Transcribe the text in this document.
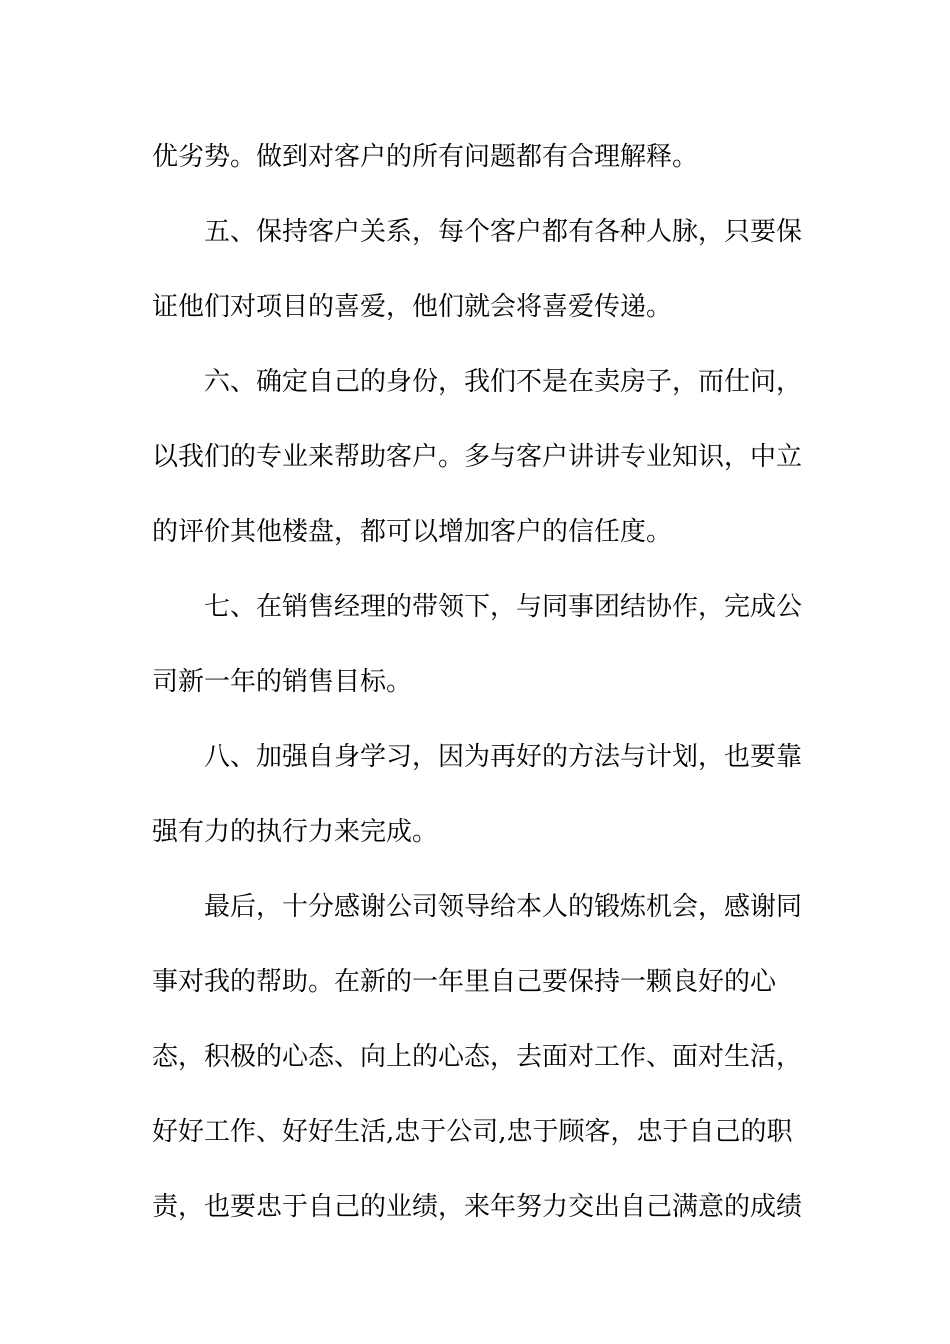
优劣势。做到对客户的所有问题都有合理解释。
五、保持客户关系，每个客户都有各种人脉，只要保
证他们对项目的喜爱，他们就会将喜爱传递。
六、确定自己的身份，我们不是在卖房子，而仕问，
以我们的专业来帮助客户。多与客户讲讲专业知识，中立
的评价其他楼盘，都可以增加客户的信任度。
七、在销售经理的带领下，与同事团结协作，完成公
司新一年的销售目标。
八、加强自身学习，因为再好的方法与计划，也要靠
强有力的执行力来完成。
最后，十分感谢公司领导给本人的锻炼机会，感谢同
事对我的帮助。在新的一年里自己要保持一颗良好的心
态，积极的心态、向上的心态，去面对工作、面对生活，
好好工作、好好生活,忠于公司,忠于顾客，忠于自己的职
责，也要忠于自己的业绩，来年努力交出自己满意的成绩
